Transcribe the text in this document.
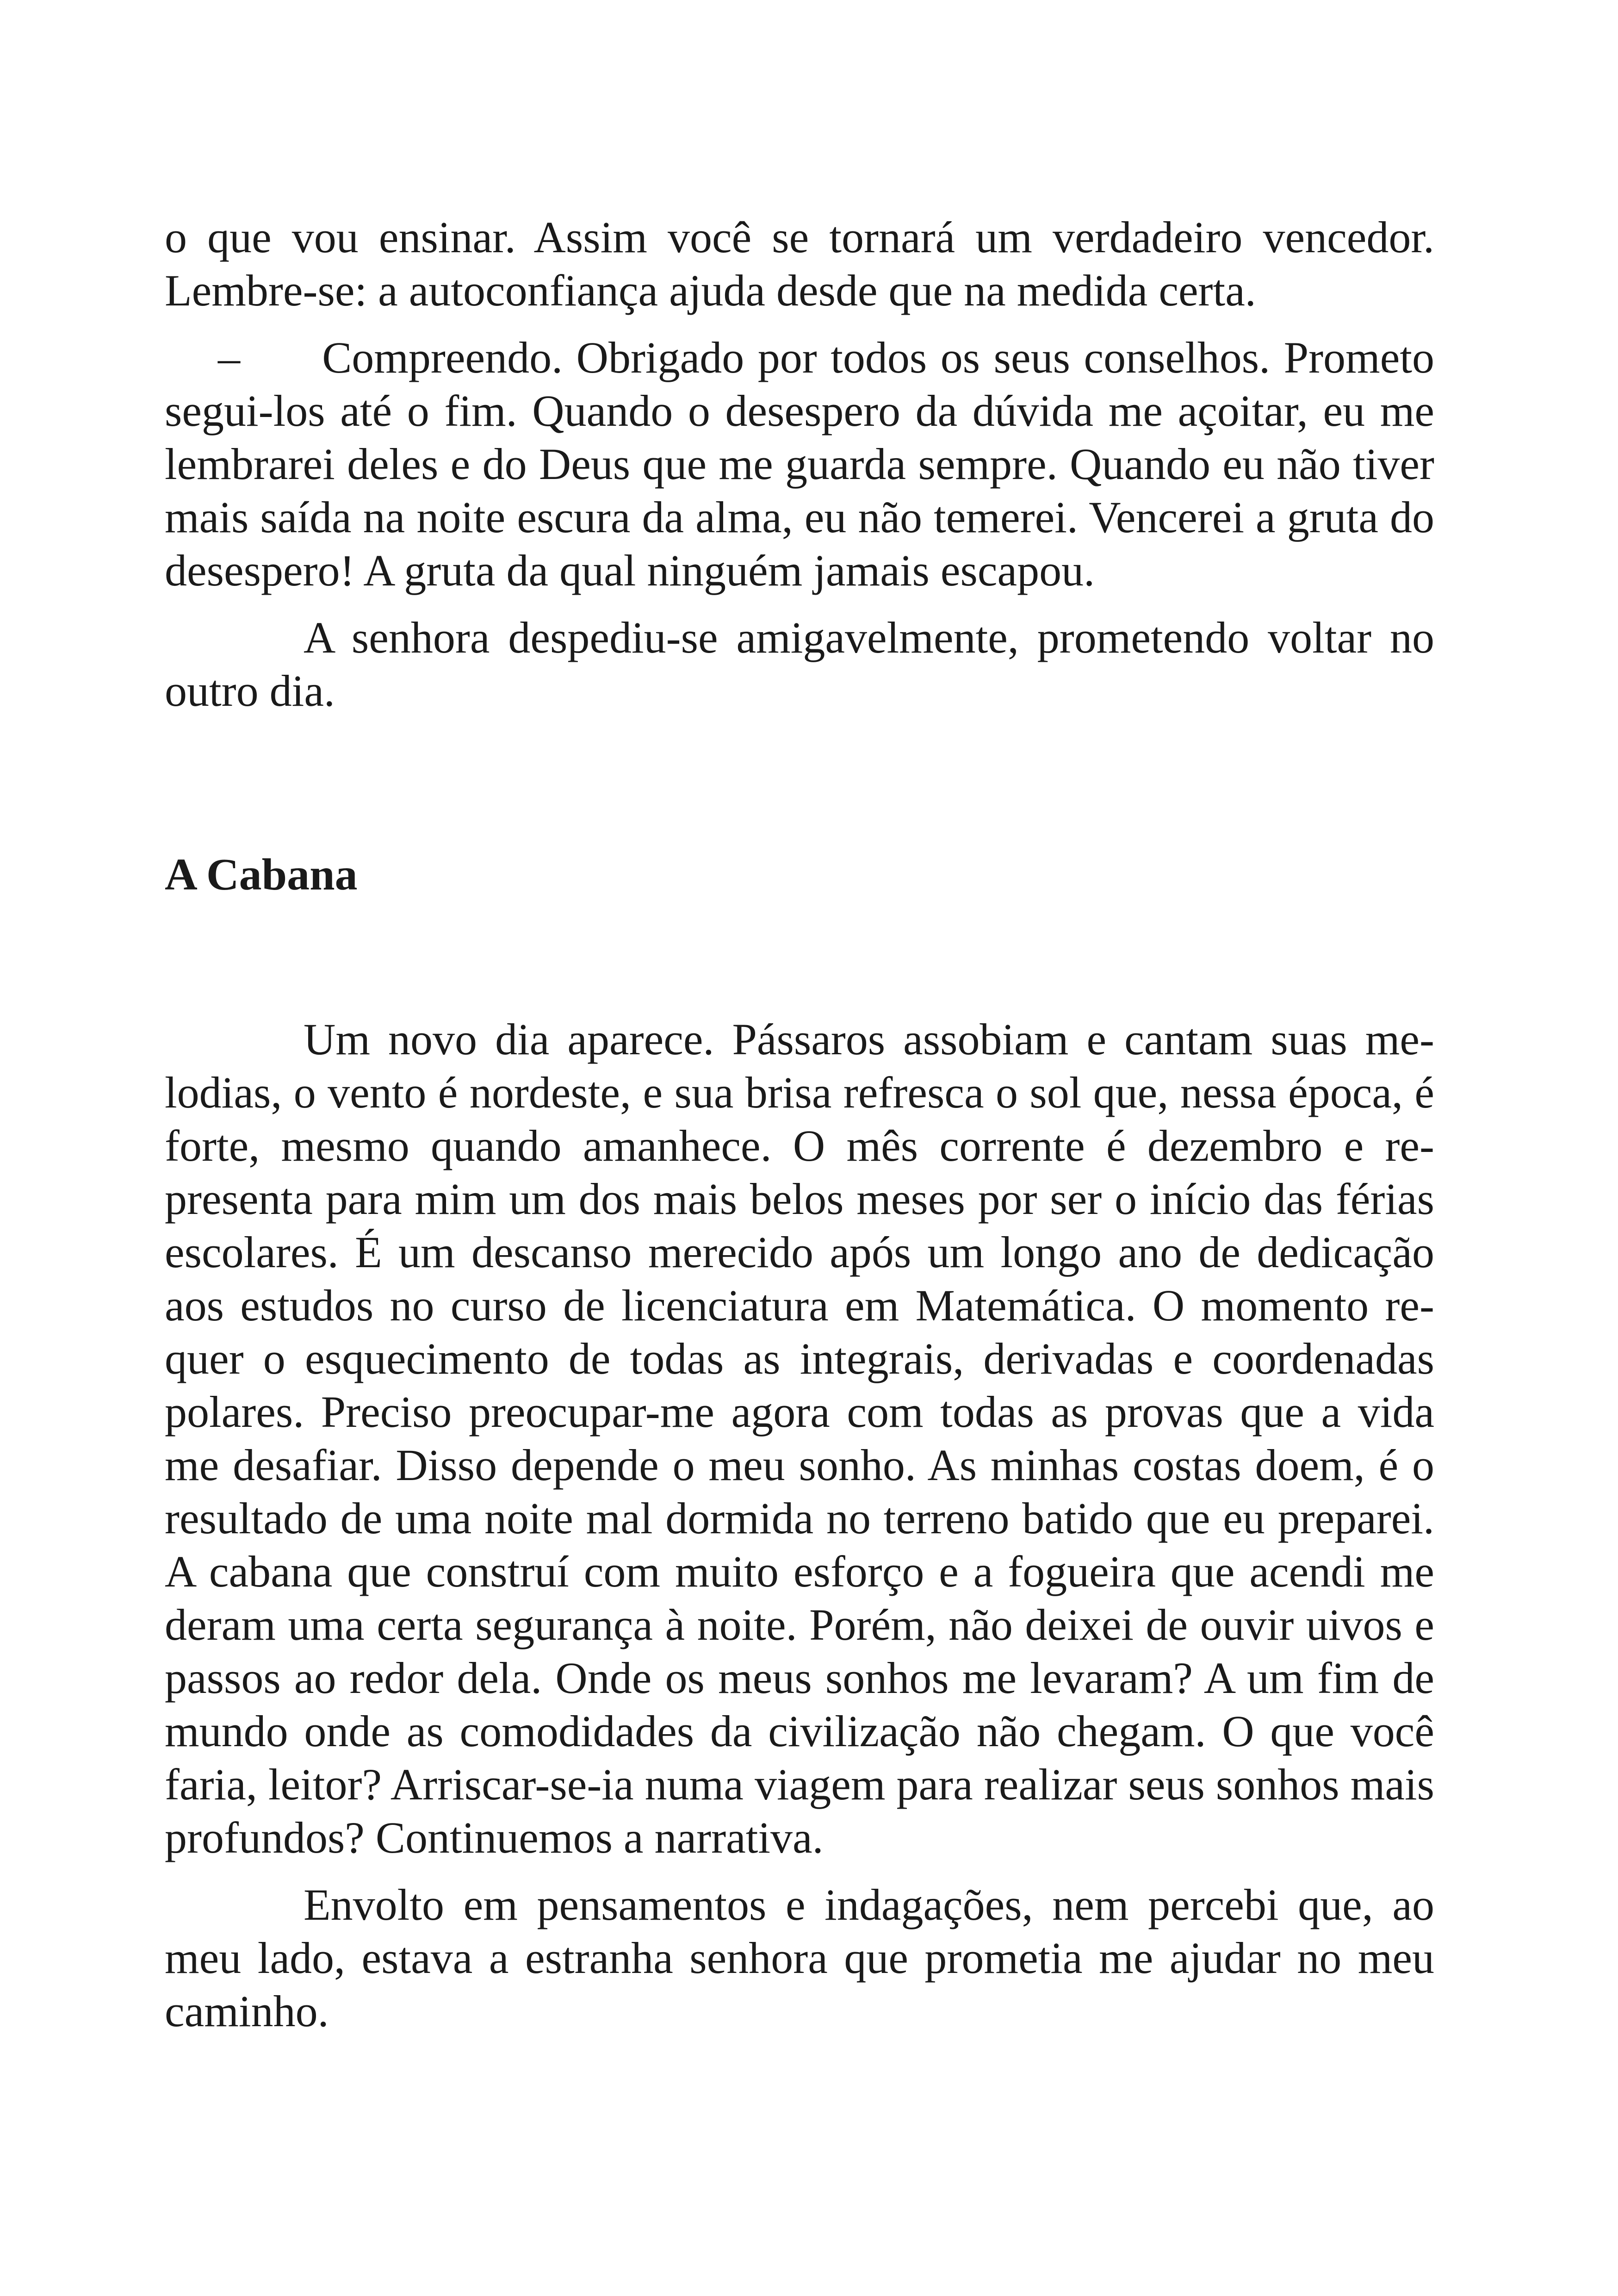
o que vou ensinar. Assim você se tornará um verdadeiro vencedor. Lembre-se: a autoconfiança ajuda desde que na medida certa.

–      Compreendo. Obrigado por todos os seus conselhos. Prometo segui-los até o fim. Quando o desespero da dúvida me açoitar, eu me lembrarei deles e do Deus que me guarda sempre. Quando eu não tiver mais saída na noite escura da alma, eu não temerei. Vencerei a gruta do desespero! A gruta da qual ninguém jamais escapou.

A senhora despediu-se amigavelmente, prometendo voltar no outro dia.

A Cabana

Um novo dia aparece. Pássaros assobiam e cantam suas melodias, o vento é nordeste, e sua brisa refresca o sol que, nessa época, é forte, mesmo quando amanhece. O mês corrente é dezembro e representa para mim um dos mais belos meses por ser o início das férias escolares. É um descanso merecido após um longo ano de dedicação aos estudos no curso de licenciatura em Matemática. O momento requer o esquecimento de todas as integrais, derivadas e coordenadas polares. Preciso preocupar-me agora com todas as provas que a vida me desafiar. Disso depende o meu sonho. As minhas costas doem, é o resultado de uma noite mal dormida no terreno batido que eu preparei. A cabana que construí com muito esforço e a fogueira que acendi me deram uma certa segurança à noite. Porém, não deixei de ouvir uivos e passos ao redor dela. Onde os meus sonhos me levaram? A um fim de mundo onde as comodidades da civilização não chegam. O que você faria, leitor? Arriscar-se-ia numa viagem para realizar seus sonhos mais profundos? Continuemos a narrativa.

Envolto em pensamentos e indagações, nem percebi que, ao meu lado, estava a estranha senhora que prometia me ajudar no meu caminho.
